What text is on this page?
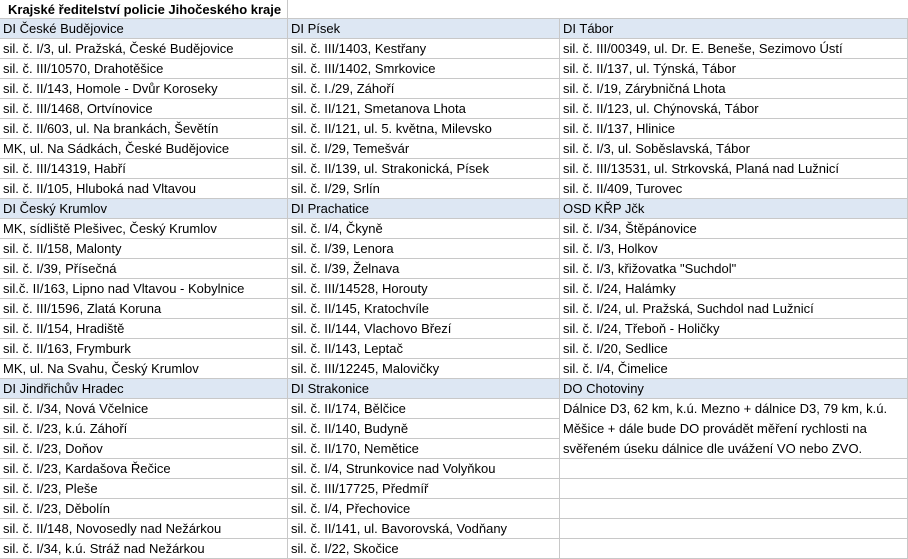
Krajské ředitelství policie Jihočeského kraje
DI České Budějovice
sil. č. I/3, ul. Pražská, České Budějovice
sil. č. III/10570, Drahotěšice
sil. č. II/143, Homole - Dvůr Koroseky
sil. č. III/1468, Ortvínovice
sil. č. II/603, ul. Na brankách, Ševětín
MK, ul. Na Sádkách, České Budějovice
sil. č. III/14319, Habří
sil. č. II/105, Hluboká nad Vltavou
DI Český Krumlov
MK, sídliště Plešivec, Český Krumlov
sil. č. II/158, Malonty
sil. č. I/39, Přísečná
sil.č. II/163, Lipno nad Vltavou - Kobylnice
sil. č. III/1596, Zlatá Koruna
sil. č. II/154, Hradiště
sil. č. II/163, Frymburk
MK, ul. Na Svahu, Český Krumlov
DI Jindřichův Hradec
sil. č. I/34, Nová Včelnice
sil. č. I/23, k.ú. Záhoří
sil. č. I/23, Doňov
sil. č. I/23, Kardašova Řečice
sil. č. I/23, Pleše
sil. č. I/23, Děbolín
sil. č. II/148, Novosedly nad Nežárkou
sil. č. I/34, k.ú. Stráž nad Nežárkou
DI Písek
sil. č. III/1403, Kestřany
sil. č. III/1402, Smrkovice
sil. č. I./29, Záhoří
sil. č. II/121, Smetanova Lhota
sil. č. II/121, ul. 5. května, Milevsko
sil. č. I/29, Temešvár
sil. č. II/139, ul. Strakonická, Písek
sil. č. I/29, Srlín
DI Prachatice
sil. č. I/4, Čkyně
sil. č. I/39, Lenora
sil. č. I/39, Želnava
sil. č. III/14528, Horouty
sil. č. II/145, Kratochvíle
sil. č. II/144, Vlachovo Březí
sil. č. II/143, Leptač
sil. č. III/12245, Malovičky
DI Strakonice
sil. č. II/174, Bělčice
sil. č. II/140, Budyně
sil. č. II/170, Nemětice
sil. č. I/4, Strunkovice nad Volyňkou
sil. č. III/17725, Předmíř
sil. č. I/4, Přechovice
sil. č. II/141, ul. Bavorovská, Vodňany
sil. č. I/22, Skočice
DI Tábor
sil. č. III/00349, ul. Dr. E. Beneše, Sezimovo Ústí
sil. č. II/137, ul. Týnská, Tábor
sil. č. I/19, Zárybničná Lhota
sil. č. II/123, ul. Chýnovská, Tábor
sil. č. II/137, Hlinice
sil. č. I/3, ul. Soběslavská, Tábor
sil. č. III/13531, ul. Strkovská, Planá nad Lužnicí
sil. č. II/409, Turovec
OSD KŘP Jčk
sil. č. I/34, Štěpánovice
sil. č. I/3, Holkov
sil. č. I/3, křižovatka "Suchdol"
sil. č. I/24, Halámky
sil. č. I/24, ul. Pražská, Suchdol nad Lužnicí
sil. č. I/24, Třeboň - Holičky
sil. č. I/20, Sedlice
sil. č. I/4, Čimelice
DO Chotoviny
Dálnice D3, 62 km, k.ú. Mezno + dálnice D3, 79 km, k.ú. Měšice + dále bude DO provádět měření rychlosti na svěřeném úseku dálnice dle uvážení VO nebo ZVO.
